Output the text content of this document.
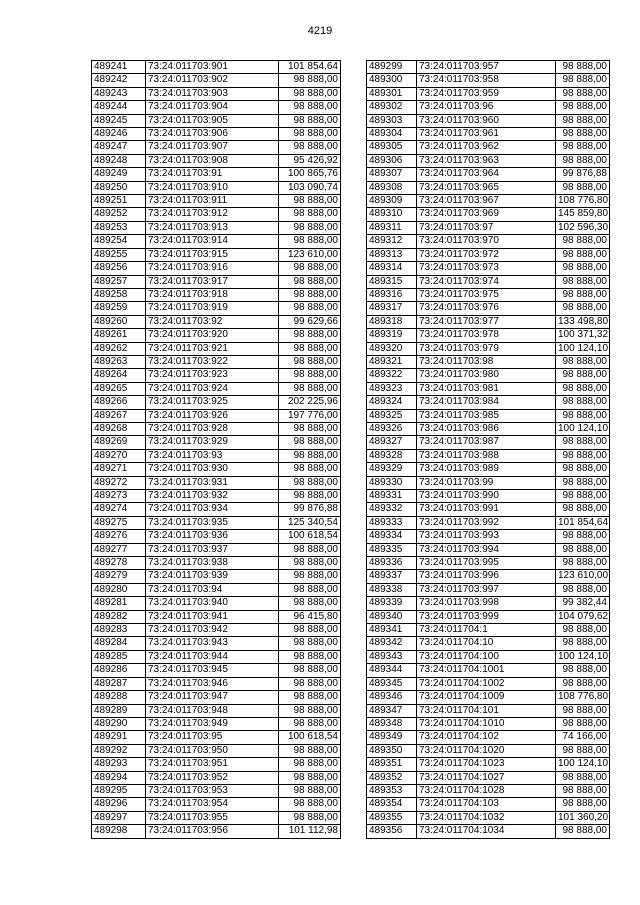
4219
489241	73:24:011703:901	101 854,64
489242	73:24:011703:902	98 888,00
489243	73:24:011703:903	98 888,00
489244	73:24:011703:904	98 888,00
489245	73:24:011703:905	98 888,00
489246	73:24:011703:906	98 888,00
489247	73:24:011703:907	98 888,00
489248	73:24:011703:908	95 426,92
489249	73:24:011703:91	100 865,76
489250	73:24:011703:910	103 090,74
489251	73:24:011703:911	98 888,00
489252	73:24:011703:912	98 888,00
489253	73:24:011703:913	98 888,00
489254	73:24:011703:914	98 888,00
489255	73:24:011703:915	123 610,00
489256	73:24:011703:916	98 888,00
489257	73:24:011703:917	98 888,00
489258	73:24:011703:918	98 888,00
489259	73:24:011703:919	98 888,00
489260	73:24:011703:92	99 629,66
489261	73:24:011703:920	98 888,00
489262	73:24:011703:921	98 888,00
489263	73:24:011703:922	98 888,00
489264	73:24:011703:923	98 888,00
489265	73:24:011703:924	98 888,00
489266	73:24:011703:925	202 225,96
489267	73:24:011703:926	197 776,00
489268	73:24:011703:928	98 888,00
489269	73:24:011703:929	98 888,00
489270	73:24:011703:93	98 888,00
489271	73:24:011703:930	98 888,00
489272	73:24:011703:931	98 888,00
489273	73:24:011703:932	98 888,00
489274	73:24:011703:934	99 876,88
489275	73:24:011703:935	125 340,54
489276	73:24:011703:936	100 618,54
489277	73:24:011703:937	98 888,00
489278	73:24:011703:938	98 888,00
489279	73:24:011703:939	98 888,00
489280	73:24:011703:94	98 888,00
489281	73:24:011703:940	98 888,00
489282	73:24:011703:941	96 415,80
489283	73:24:011703:942	98 888,00
489284	73:24:011703:943	98 888,00
489285	73:24:011703:944	98 888,00
489286	73:24:011703:945	98 888,00
489287	73:24:011703:946	98 888,00
489288	73:24:011703:947	98 888,00
489289	73:24:011703:948	98 888,00
489290	73:24:011703:949	98 888,00
489291	73:24:011703:95	100 618,54
489292	73:24:011703:950	98 888,00
489293	73:24:011703:951	98 888,00
489294	73:24:011703:952	98 888,00
489295	73:24:011703:953	98 888,00
489296	73:24:011703:954	98 888,00
489297	73:24:011703:955	98 888,00
489298	73:24:011703:956	101 112,98
489299	73:24:011703:957	98 888,00
489300	73:24:011703:958	98 888,00
489301	73:24:011703:959	98 888,00
489302	73:24:011703:96	98 888,00
489303	73:24:011703:960	98 888,00
489304	73:24:011703:961	98 888,00
489305	73:24:011703:962	98 888,00
489306	73:24:011703:963	98 888,00
489307	73:24:011703:964	99 876,88
489308	73:24:011703:965	98 888,00
489309	73:24:011703:967	108 776,80
489310	73:24:011703:969	145 859,80
489311	73:24:011703:97	102 596,30
489312	73:24:011703:970	98 888,00
489313	73:24:011703:972	98 888,00
489314	73:24:011703:973	98 888,00
489315	73:24:011703:974	98 888,00
489316	73:24:011703:975	98 888,00
489317	73:24:011703:976	98 888,00
489318	73:24:011703:977	133 498,80
489319	73:24:011703:978	100 371,32
489320	73:24:011703:979	100 124,10
489321	73:24:011703:98	98 888,00
489322	73:24:011703:980	98 888,00
489323	73:24:011703:981	98 888,00
489324	73:24:011703:984	98 888,00
489325	73:24:011703:985	98 888,00
489326	73:24:011703:986	100 124,10
489327	73:24:011703:987	98 888,00
489328	73:24:011703:988	98 888,00
489329	73:24:011703:989	98 888,00
489330	73:24:011703:99	98 888,00
489331	73:24:011703:990	98 888,00
489332	73:24:011703:991	98 888,00
489333	73:24:011703:992	101 854,64
489334	73:24:011703:993	98 888,00
489335	73:24:011703:994	98 888,00
489336	73:24:011703:995	98 888,00
489337	73:24:011703:996	123 610,00
489338	73:24:011703:997	98 888,00
489339	73:24:011703:998	99 382,44
489340	73:24:011703:999	104 079,62
489341	73:24:011704:1	98 888,00
489342	73:24:011704:10	98 888,00
489343	73:24:011704:100	100 124,10
489344	73:24:011704:1001	98 888,00
489345	73:24:011704:1002	98 888,00
489346	73:24:011704:1009	108 776,80
489347	73:24:011704:101	98 888,00
489348	73:24:011704:1010	98 888,00
489349	73:24:011704:102	74 166,00
489350	73:24:011704:1020	98 888,00
489351	73:24:011704:1023	100 124,10
489352	73:24:011704:1027	98 888,00
489353	73:24:011704:1028	98 888,00
489354	73:24:011704:103	98 888,00
489355	73:24:011704:1032	101 360,20
489356	73:24:011704:1034	98 888,00
